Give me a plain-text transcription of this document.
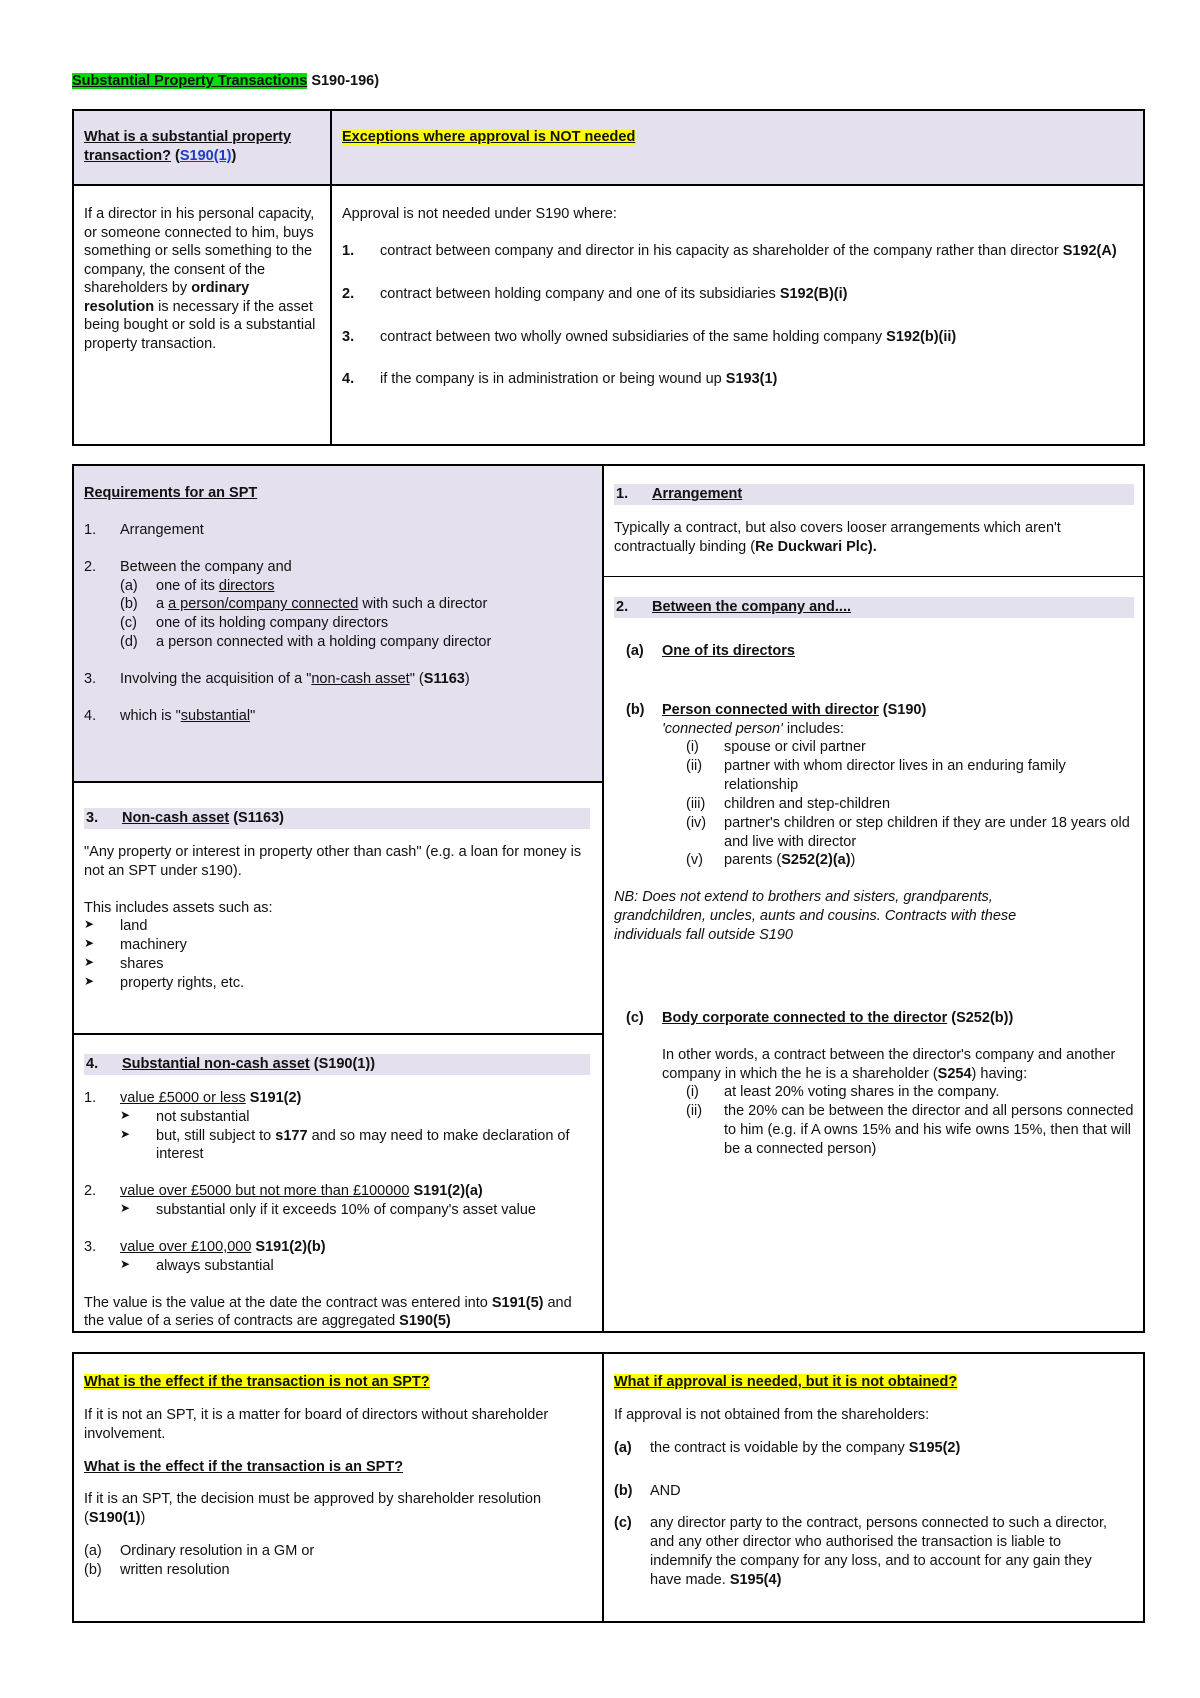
Substantial Property Transactions S190-196)
What is a substantial property transaction? (S190(1))
Exceptions where approval is NOT needed
If a director in his personal capacity, or someone connected to him, buys something or sells something to the company, the consent of the shareholders by ordinary resolution is necessary if the asset being bought or sold is a substantial property transaction.

Approval is not needed under S190 where:

1.	contract between company and director in his capacity as shareholder of the company rather than director S192(A)
2.	contract between holding company and one of its subsidiaries S192(B)(i)
3.	contract between two wholly owned subsidiaries of the same holding company S192(b)(ii)
4.	if the company is in administration or being wound up S193(1)

Requirements for an SPT

1.	Arrangement
2.	Between the company and
(a)	one of its directors
(b)	a a person/company connected with such a director
(c)	one of its holding company directors
(d)	a person connected with a holding company director
3.	Involving the acquisition of a "non-cash asset" (S1163)
4.	which is "substantial"
3.	Non-cash asset (S1163)

"Any property or interest in property other than cash" (e.g. a loan for money is not an SPT under s190).

This includes assets such as:

➤	land
➤	machinery
➤	shares
➤	property rights, etc.
4.	Substantial non-cash asset (S190(1))
1.	value £5000 or less S191(2)
➤	not substantial
➤	but, still subject to s177 and so may need to make declaration of interest
2.	value over £5000 but not more than £100000 S191(2)(a)
➤	substantial only if it exceeds 10% of company's asset value
3.	value over £100,000 S191(2)(b)
➤	always substantial

The value is the value at the date the contract was entered into S191(5) and the value of a series of contracts are aggregated S190(5)

1.	Arrangement

Typically a contract, but also covers looser arrangements which aren't contractually binding (Re Duckwari Plc).

2.	Between the company and....
(a)	One of its directors
(b)	Person connected with director (S190)
'connected person' includes:
(i)	spouse or civil partner
(ii)	partner with whom director lives in an enduring family relationship
(iii)	children and step-children
(iv)	partner's children or step children if they are under 18 years old and live with director
(v)	parents (S252(2)(a))

NB: Does not extend to brothers and sisters, grandparents, grandchildren, uncles, aunts and cousins. Contracts with these individuals fall outside S190

(c)	Body corporate connected to the director (S252(b))

In other words, a contract between the director's company and another company in which the he is a shareholder (S254) having:

(i)	at least 20% voting shares in the company.
(ii)	the 20% can be between the director and all persons connected to him (e.g. if A owns 15% and his wife owns 15%, then that will be a connected person)

What is the effect if the transaction is not an SPT?

If it is not an SPT, it is a matter for board of directors without shareholder involvement.

What is the effect if the transaction is an SPT?

If it is an SPT, the decision must be approved by shareholder resolution (S190(1))

(a)	Ordinary resolution in a GM or
(b)	written resolution

What if approval is needed, but it is not obtained?

If approval is not obtained from the shareholders:

(a)	the contract is voidable by the company S195(2)
(b)	AND
(c)	any director party to the contract, persons connected to such a director, and any other director who authorised the transaction is liable to indemnify the company for any loss, and to account for any gain they have made. S195(4)
